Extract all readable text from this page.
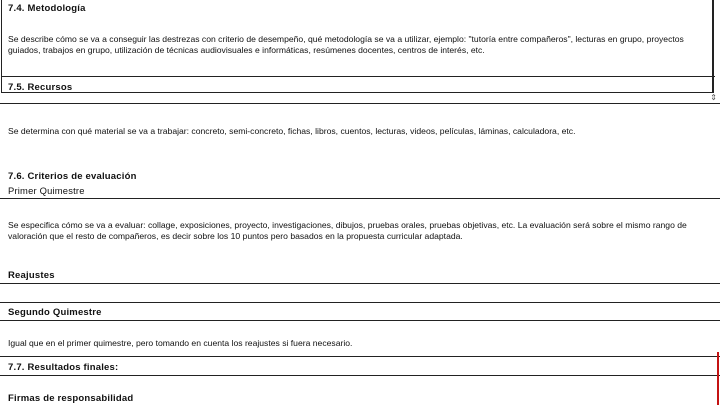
7.4. Metodología
Se describe cómo se va a conseguir las destrezas con criterio de desempeño, qué metodología se va a utilizar, ejemplo: "tutoría entre compañeros", lecturas en grupo, proyectos guiados, trabajos en grupo, utilización de técnicas audiovisuales e informáticas, resúmenes docentes, centros de interés, etc.
7.5. Recursos
⇕
Se determina con qué material se va a trabajar: concreto, semi-concreto, fichas, libros, cuentos, lecturas, videos, películas, láminas, calculadora, etc.
7.6. Criterios de evaluación
Primer Quimestre
Se especifica cómo se va a evaluar: collage, exposiciones, proyecto, investigaciones, dibujos, pruebas orales, pruebas objetivas, etc. La evaluación será sobre el mismo rango de valoración que el resto de compañeros, es decir sobre los 10 puntos pero basados en la propuesta curricular adaptada.
Reajustes
Segundo Quimestre
Igual que en el primer quimestre, pero tomando en cuenta los reajustes si fuera necesario.
7.7. Resultados finales:
Firmas de responsabilidad
